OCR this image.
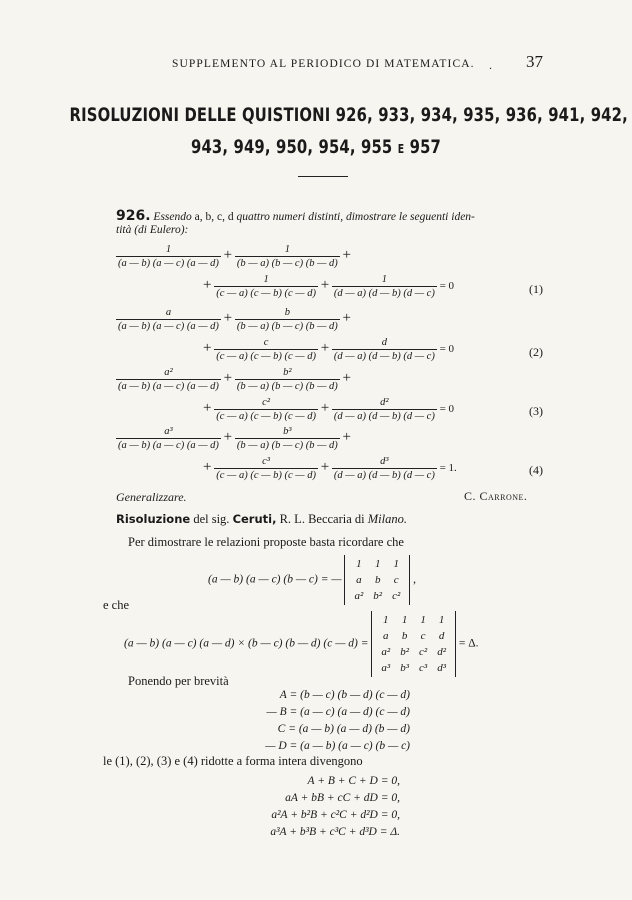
SUPPLEMENTO AL PERIODICO DI MATEMATICA. . 37
RISOLUZIONI DELLE QUISTIONI 926, 933, 934, 935, 936, 941, 942,
943, 949, 950, 954, 955 E 957
926. Essendo a, b, c, d quattro numeri distinti, dimostrare le seguenti iden-
tità (di Eulero):
$\frac{1}{(a — b) (a — c) (a — d)} + \frac{1}{(b — a) (b — c) (b — d)}$ +
+ $\frac{1}{(c — a) (c — b) (c — d)} + \frac{1}{(d — a) (d — b) (d — c)} = 0$	(1)
$\frac{a}{(a — b) (a — c) (a — d)} + \frac{b}{(b — a) (b — c) (b — d)}$ +
+ $\frac{c}{(c — a) (c — b) (c — d)} + \frac{d}{(d — a) (d — b) (d — c)} = 0$	(2)
$\frac{\text{a²}}{(a — b) (a — c) (a — d)} + \frac{\text{b²}}{(b — a) (b — c) (b — d)}$ +
+ $\frac{\text{c²}}{(c — a) (c — b) (c — d)} + \frac{\text{d²}}{(d — a) (d — b) (d — c)} = 0$	(3)
$\frac{\text{a³}}{(a — b) (a — c) (a — d)} + \frac{\text{b³}}{(b — a) (b — c) (b — d)}$ +
+ $\frac{\text{c³}}{(c — a) (c — b) (c — d)} + \frac{\text{d³}}{(d — a) (d — b) (d — c)} = 1$.	(4)
Generalizzare.	C. Carrone.
Risoluzione del sig. Ceruti, R. L. Beccaria di Milano.
Per dimostrare le relazioni proposte basta ricordare che
(a — b) (a — c) (b — c) = —
1	1	1
a	b	c
a²	b²	c²
,
e che
(a — b) (a — c) (a — d) × (b — c) (b — d) (c — d) =
1	1	1	1
a	b	c	d
a²	b²	c²	d²
a³	b³	c³	d³
= Δ.
Ponendo per brevità
A = (b — c) (b — d) (c — d)
— B = (a — c) (a — d) (c — d)
C = (a — b) (a — d) (b — d)
— D = (a — b) (a — c) (b — c)
le (1), (2), (3) e (4) ridotte a forma intera divengono
A + B + C + D = 0,
aA + bB + cC + dD = 0,
a²A + b²B + c²C + d²D = 0,
a³A + b³B + c³C + d³D = Δ.
